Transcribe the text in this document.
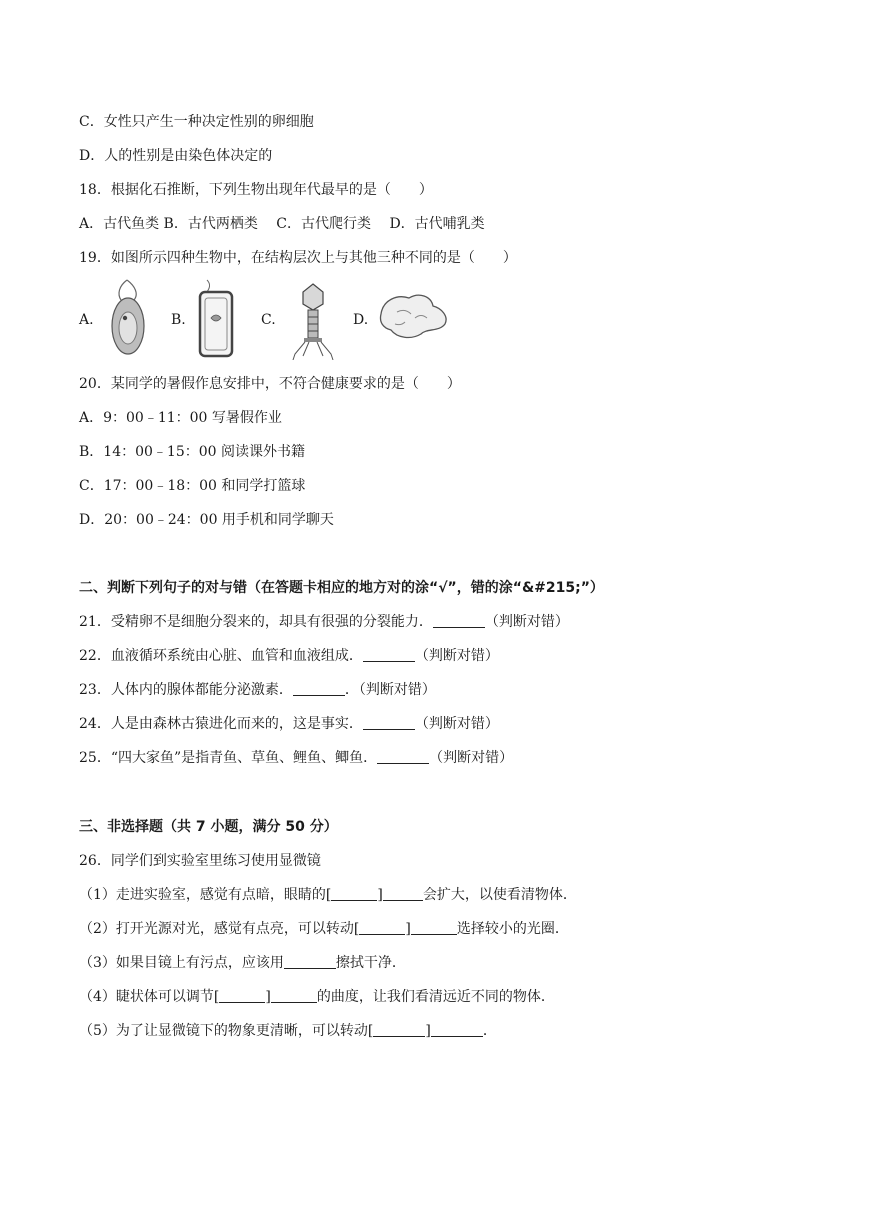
C．女性只产生一种决定性别的卵细胞
D．人的性别是由染色体决定的
18．根据化石推断，下列生物出现年代最早的是（　　）
A．古代鱼类 B．古代两栖类　 C．古代爬行类　 D．古代哺乳类
19．如图所示四种生物中，在结构层次上与其他三种不同的是（　　）
A.	B.	C.	D.
20．某同学的暑假作息安排中，不符合健康要求的是（　　）
A．9：00﹣11：00 写暑假作业
B．14：00﹣15：00 阅读课外书籍
C．17：00﹣18：00 和同学打篮球
D．20：00﹣24：00 用手机和同学聊天
二、判断下列句子的对与错（在答题卡相应的地方对的涂“√”，错的涂“&#215;”）
21．受精卵不是细胞分裂来的，却具有很强的分裂能力．	（判断对错）
22．血液循环系统由心脏、血管和血液组成．	（判断对错）
23．人体内的腺体都能分泌激素．	．（判断对错）
24．人是由森林古猿进化而来的，这是事实．	（判断对错）
25．“四大家鱼”是指青鱼、草鱼、鲤鱼、鲫鱼．	（判断对错）
三、非选择题（共 7 小题，满分 50 分）
26．同学们到实验室里练习使用显微镜
（1）走进实验室，感觉有点暗，眼睛的[	]	会扩大，以使看清物体．
（2）打开光源对光，感觉有点亮，可以转动[	]	选择较小的光圈．
（3）如果目镜上有污点，应该用	擦拭干净．
（4）睫状体可以调节[	]	的曲度，让我们看清远近不同的物体．
（5）为了让显微镜下的物象更清晰，可以转动[	]	．
